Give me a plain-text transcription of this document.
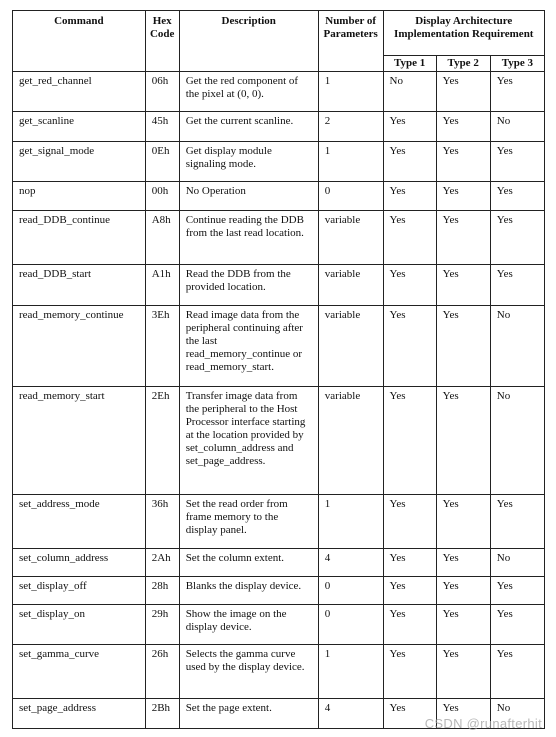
Command	Hex Code	Description	Number of Parameters	Display Architecture Implementation Requirement		
				Type 1	Type 2	Type 3
get_red_channel	06h	Get the red component of the pixel at (0, 0).	1	No	Yes	Yes
get_scanline	45h	Get the current scanline.	2	Yes	Yes	No
get_signal_mode	0Eh	Get display module signaling mode.	1	Yes	Yes	Yes
nop	00h	No Operation	0	Yes	Yes	Yes
read_DDB_continue	A8h	Continue reading the DDB from the last read location.	variable	Yes	Yes	Yes
read_DDB_start	A1h	Read the DDB from the provided location.	variable	Yes	Yes	Yes
read_memory_continue	3Eh	Read image data from the peripheral continuing after the last read_memory_continue or read_memory_start.	variable	Yes	Yes	No
read_memory_start	2Eh	Transfer image data from the peripheral to the Host Processor interface starting at the location provided by set_column_address and set_page_address.	variable	Yes	Yes	No
set_address_mode	36h	Set the read order from frame memory to the display panel.	1	Yes	Yes	Yes
set_column_address	2Ah	Set the column extent.	4	Yes	Yes	No
set_display_off	28h	Blanks the display device.	0	Yes	Yes	Yes
set_display_on	29h	Show the image on the display device.	0	Yes	Yes	Yes
set_gamma_curve	26h	Selects the gamma curve used by the display device.	1	Yes	Yes	Yes
set_page_address	2Bh	Set the page extent.	4	Yes	Yes	No
CSDN @runafterhit
